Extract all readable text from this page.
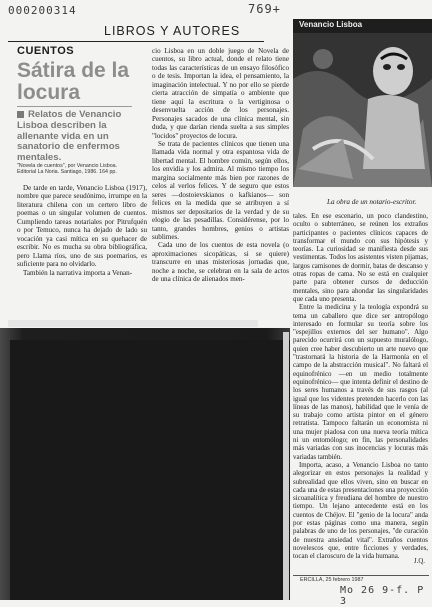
000200314	769+
LIBROS Y AUTORES	Venancio Lisboa
La obra de un notario-escritor.
CUENTOS
Sátira de la locura
Relatos de Venancio Lisboa describen la allenante vida en un sanatorio de enfermos mentales.
"Novela de cuentos", por Venancio Lisboa. Editorial La Noria. Santiago, 1986. 164 pp.

De tarde en tarde, Venancio Lisboa (1917), nombre que parece seudónimo, irrumpe en la literatura chilena con un certero libro de poemas o un singular volumen de cuentos. Cumpliendo tareas notariales por Pitrufquén o por Temuco, nunca ha dejado de lado su vocación ya casi mítica en su quehacer de escribir. No es mucha su obra bibliográfica, pero Llama ríos, uno de sus poemarios, es suficiente para no olvidarlo.

También la narrativa importa a Venan-

cio Lisboa en un doble juego de Novela de cuentos, su libro actual, donde el relato tiene todas las características de un ensayo filosófico o de tesis. Importan la idea, el pensamiento, la imaginación intelectual. Y no por ello se pierde cierta atracción de simpatía o ambiente que tiene aquí la escritura o la vertiginosa o desenvuelta acción de los personajes. Personajes sacados de una clínica mental, sin duda, y que darían rienda suelta a sus simples "locidos" proyectos de locura.

Se trata de pacientes clínicos que tienen una llamada vida normal y otra espantosa vida de libertad mental. El hombre común, según ellos, los envidia y los admira. Al mismo tiempo los margina socialmente más bien por razones de celos al verlos felices. Y de seguro que estos seres —dostoievskianos o kafkianos— son felices en la medida que se atribuyen a sí mismos ser depositarios de la verdad y de su elogio de las pesadillas. Considérense, por lo tanto, grandes hombres, genios o artistas sublimes.

Cada uno de los cuentos de esta novela (o aproximaciones sicopáticas, si se quiere) transcurre en unas misteriosas jornadas que, noche a noche, se celebran en la sala de actos de una clínica de alienados men-

tales. En ese escenario, un poco clandestino, oculto o subterráneo, se reúnen los extraños participantes o pacientes clínicos capaces de transformar el mundo con sus hipótesis y teorías. La curiosidad se manifiesta desde sus vestimentas. Todos los asistentes visten pijamas, largos camisones de dormir, batas de descanso y otras ropas de cama. No se está en cualquier parte para obtener cursos de deducción mentales, sino para ahondar las singularidades que cada uno presenta.

Entre la medicina y la teología expondrá su tema un caballero que dice ser antropólogo interesado en formular su teoría sobre los "espejillos externos del ser humano". Algo parecido ocurrirá con un supuesto muralólogo, quien cree haber descubierto un arte nuevo que "trastornará la historia de la Harmonía en el campo de la abstracción musical". No faltará el equinofrénico —en un medio totalmente equinofrénico— que intenta definir el destino de los seres humanos a través de sus rasgos (al igual que los videntes pretenden hacerlo con las líneas de las manos), habilidad que le venía de su trabajo como artista pintor en el género retratista. Tampoco faltarán un economista ni una mujer piadosa con una nueva teoría mítica ni un entomólogo; en fin, las personalidades más variadas con sus inocencias y locuras más variadas también.

Importa, acaso, a Venancio Lisboa no tanto alegorizar en estos personajes la realidad y subrealidad que ellos viven, sino en buscar en cada una de estas presentaciones una proyección sicoanalítica y freudiana del hombre de nuestro tiempo. Un lejano antecedente está en los cuentos de Chéjov. El "genio de la locura" anda por estas páginas como una manera, según palabras de uno de los personajes, "de curación de nuestra ansiedad vital". Extraños cuentos novelescos que, entre ficciones y verdades, tocan el claroscuro de la vida humana.

J.Q.
ERCILLA, 25 febrero 1987
Mo 26 9-f. P 3
